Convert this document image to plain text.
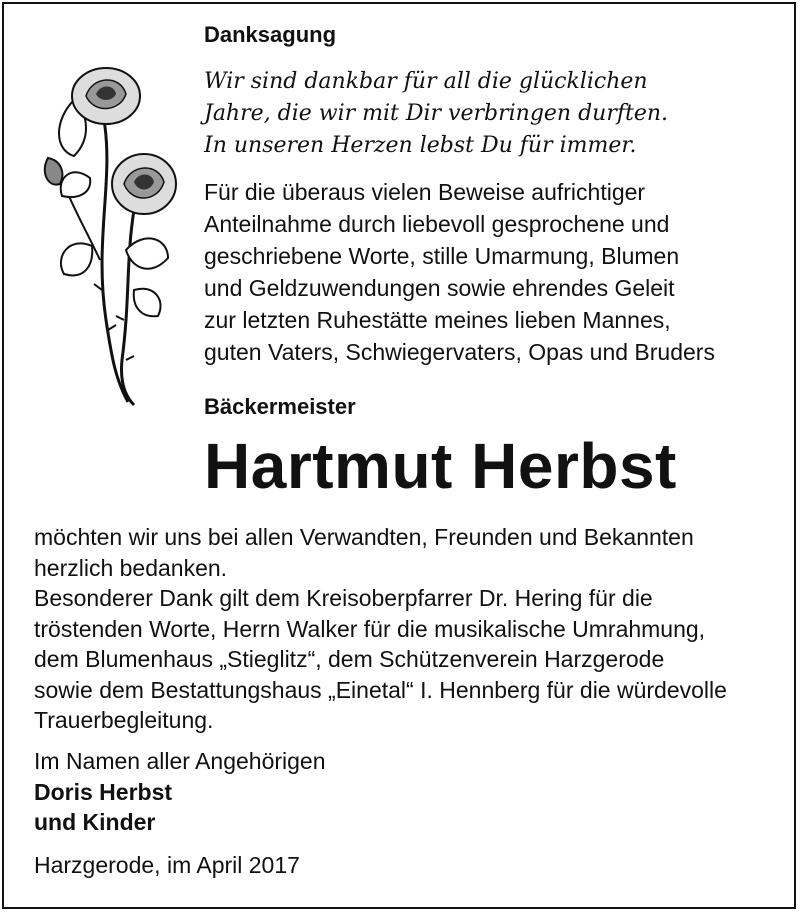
Danksagung
Wir sind dankbar für all die glücklichen
Jahre, die wir mit Dir verbringen durften.
In unseren Herzen lebst Du für immer.
Für die überaus vielen Beweise aufrichtiger
Anteilnahme durch liebevoll gesprochene und
geschriebene Worte, stille Umarmung, Blumen
und Geldzuwendungen sowie ehrendes Geleit
zur letzten Ruhestätte meines lieben Mannes,
guten Vaters, Schwiegervaters, Opas und Bruders
Bäckermeister
Hartmut Herbst
möchten wir uns bei allen Verwandten, Freunden und Bekannten
herzlich bedanken.
Besonderer Dank gilt dem Kreisoberpfarrer Dr. Hering für die
tröstenden Worte, Herrn Walker für die musikalische Umrahmung,
dem Blumenhaus „Stieglitz“, dem Schützenverein Harzgerode
sowie dem Bestattungshaus „Einetal“ I. Hennberg für die würdevolle
Trauerbegleitung.
Im Namen aller Angehörigen
Doris Herbst
und Kinder
Harzgerode, im April 2017
